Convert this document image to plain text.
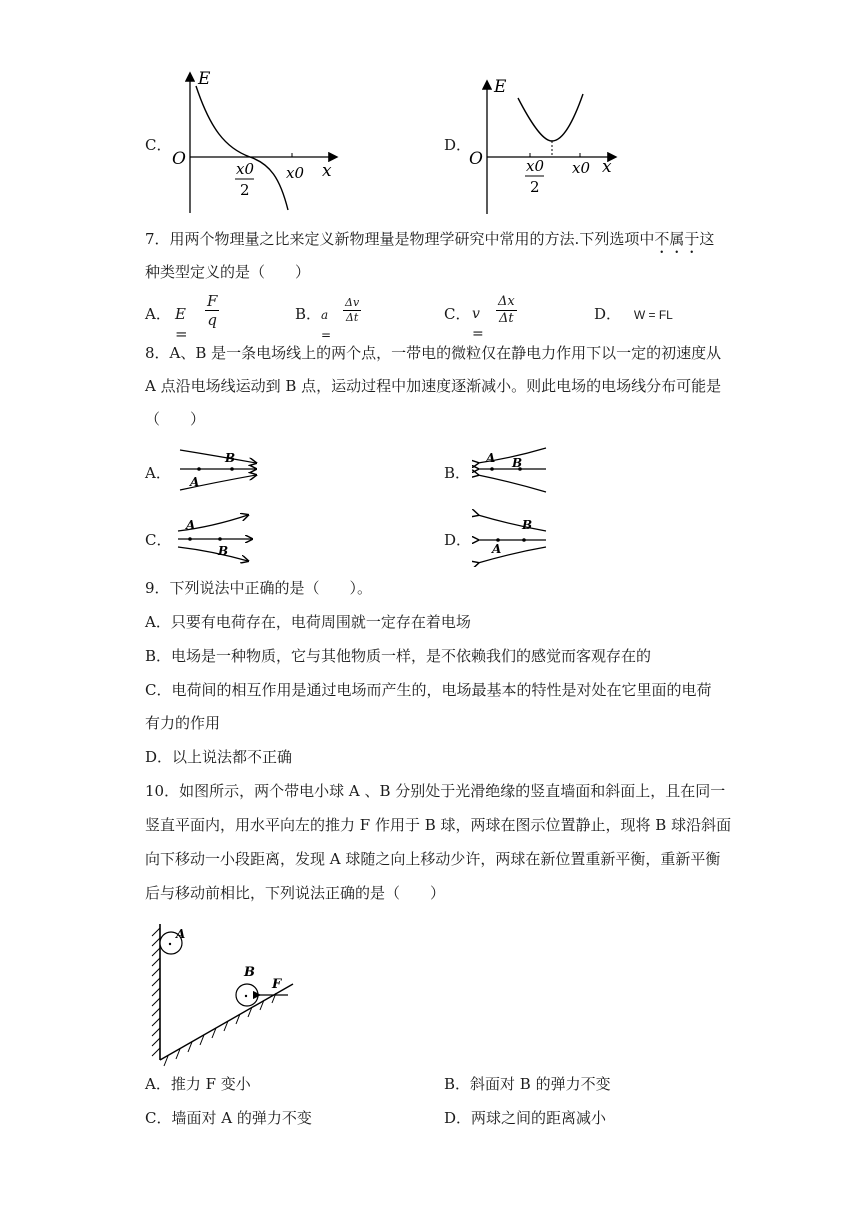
C．
E
O
x
x0
x0
2
D．
E
O	x
x0
x0
2
7．用两个物理量之比来定义新物理量是物理学研究中常用的方法.下列选项中不属于这
种类型定义的是（　　）
A． E =
$\frac{F}{q}$	B． a =
$\frac{\Delta v}{\Delta t}$	C． v =
$\frac{\Delta x}{\Delta t}$	D． W = FL
8．A、B 是一条电场线上的两个点，一带电的微粒仅在静电力作用下以一定的初速度从
A 点沿电场线运动到 B 点，运动过程中加速度逐渐减小。则此电场的电场线分布可能是
（　　）
A． A
B
B．
A B
C．
A
B
D． A
B
9．下列说法中正确的是（　　）。
A．只要有电荷存在，电荷周围就一定存在着电场
B．电场是一种物质，它与其他物质一样，是不依赖我们的感觉而客观存在的
C．电荷间的相互作用是通过电场而产生的，电场最基本的特性是对处在它里面的电荷
有力的作用
D．以上说法都不正确
10．如图所示，两个带电小球 A 、B 分别处于光滑绝缘的竖直墙面和斜面上，且在同一
竖直平面内，用水平向左的推力 F 作用于 B 球，两球在图示位置静止，现将 B 球沿斜面
向下移动一小段距离，发现 A 球随之向上移动少许，两球在新位置重新平衡，重新平衡
后与移动前相比，下列说法正确的是（　　）
A
B
F
A．推力 F 变小	B．斜面对 B 的弹力不变
C．墙面对 A 的弹力不变	D．两球之间的距离减小
